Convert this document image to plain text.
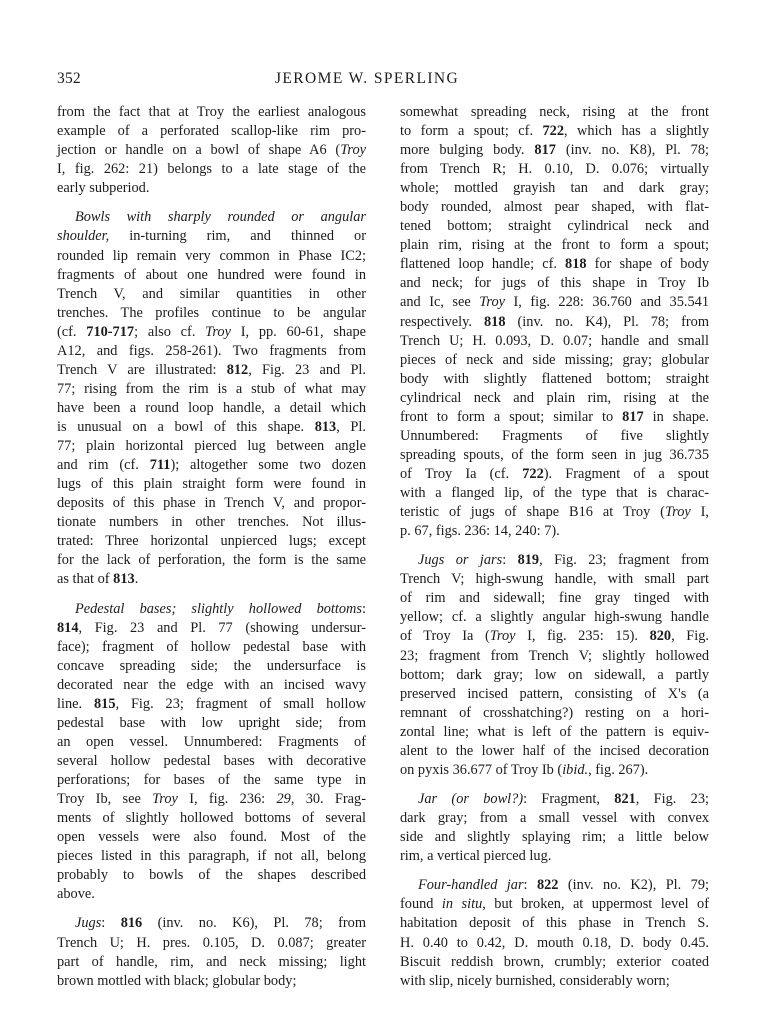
352	JEROME W. SPERLING
from the fact that at Troy the earliest analogous
example of a perforated scallop-like rim pro-
jection or handle on a bowl of shape A6 (Troy
I, fig. 262: 21) belongs to a late stage of the
early subperiod.
Bowls with sharply rounded or angular
shoulder, in-turning rim, and thinned or
rounded lip remain very common in Phase IC2;
fragments of about one hundred were found in
Trench V, and similar quantities in other
trenches. The profiles continue to be angular
(cf. 710-717; also cf. Troy I, pp. 60-61, shape
A12, and figs. 258-261). Two fragments from
Trench V are illustrated: 812, Fig. 23 and Pl.
77; rising from the rim is a stub of what may
have been a round loop handle, a detail which
is unusual on a bowl of this shape. 813, Pl.
77; plain horizontal pierced lug between angle
and rim (cf. 711); altogether some two dozen
lugs of this plain straight form were found in
deposits of this phase in Trench V, and propor-
tionate numbers in other trenches. Not illus-
trated: Three horizontal unpierced lugs; except
for the lack of perforation, the form is the same
as that of 813.
Pedestal bases; slightly hollowed bottoms:
814, Fig. 23 and Pl. 77 (showing undersur-
face); fragment of hollow pedestal base with
concave spreading side; the undersurface is
decorated near the edge with an incised wavy
line. 815, Fig. 23; fragment of small hollow
pedestal base with low upright side; from
an open vessel. Unnumbered: Fragments of
several hollow pedestal bases with decorative
perforations; for bases of the same type in
Troy Ib, see Troy I, fig. 236: 29, 30. Frag-
ments of slightly hollowed bottoms of several
open vessels were also found. Most of the
pieces listed in this paragraph, if not all, belong
probably to bowls of the shapes described
above.
Jugs: 816 (inv. no. K6), Pl. 78; from
Trench U; H. pres. 0.105, D. 0.087; greater
part of handle, rim, and neck missing; light
brown mottled with black; globular body;
somewhat spreading neck, rising at the front
to form a spout; cf. 722, which has a slightly
more bulging body. 817 (inv. no. K8), Pl. 78;
from Trench R; H. 0.10, D. 0.076; virtually
whole; mottled grayish tan and dark gray;
body rounded, almost pear shaped, with flat-
tened bottom; straight cylindrical neck and
plain rim, rising at the front to form a spout;
flattened loop handle; cf. 818 for shape of body
and neck; for jugs of this shape in Troy Ib
and Ic, see Troy I, fig. 228: 36.760 and 35.541
respectively. 818 (inv. no. K4), Pl. 78; from
Trench U; H. 0.093, D. 0.07; handle and small
pieces of neck and side missing; gray; globular
body with slightly flattened bottom; straight
cylindrical neck and plain rim, rising at the
front to form a spout; similar to 817 in shape.
Unnumbered: Fragments of five slightly
spreading spouts, of the form seen in jug 36.735
of Troy Ia (cf. 722). Fragment of a spout
with a flanged lip, of the type that is charac-
teristic of jugs of shape B16 at Troy (Troy I,
p. 67, figs. 236: 14, 240: 7).
Jugs or jars: 819, Fig. 23; fragment from
Trench V; high-swung handle, with small part
of rim and sidewall; fine gray tinged with
yellow; cf. a slightly angular high-swung handle
of Troy Ia (Troy I, fig. 235: 15). 820, Fig.
23; fragment from Trench V; slightly hollowed
bottom; dark gray; low on sidewall, a partly
preserved incised pattern, consisting of X's (a
remnant of crosshatching?) resting on a hori-
zontal line; what is left of the pattern is equiv-
alent to the lower half of the incised decoration
on pyxis 36.677 of Troy Ib (ibid., fig. 267).
Jar (or bowl?): Fragment, 821, Fig. 23;
dark gray; from a small vessel with convex
side and slightly splaying rim; a little below
rim, a vertical pierced lug.
Four-handled jar: 822 (inv. no. K2), Pl. 79;
found in situ, but broken, at uppermost level of
habitation deposit of this phase in Trench S.
H. 0.40 to 0.42, D. mouth 0.18, D. body 0.45.
Biscuit reddish brown, crumbly; exterior coated
with slip, nicely burnished, considerably worn;
